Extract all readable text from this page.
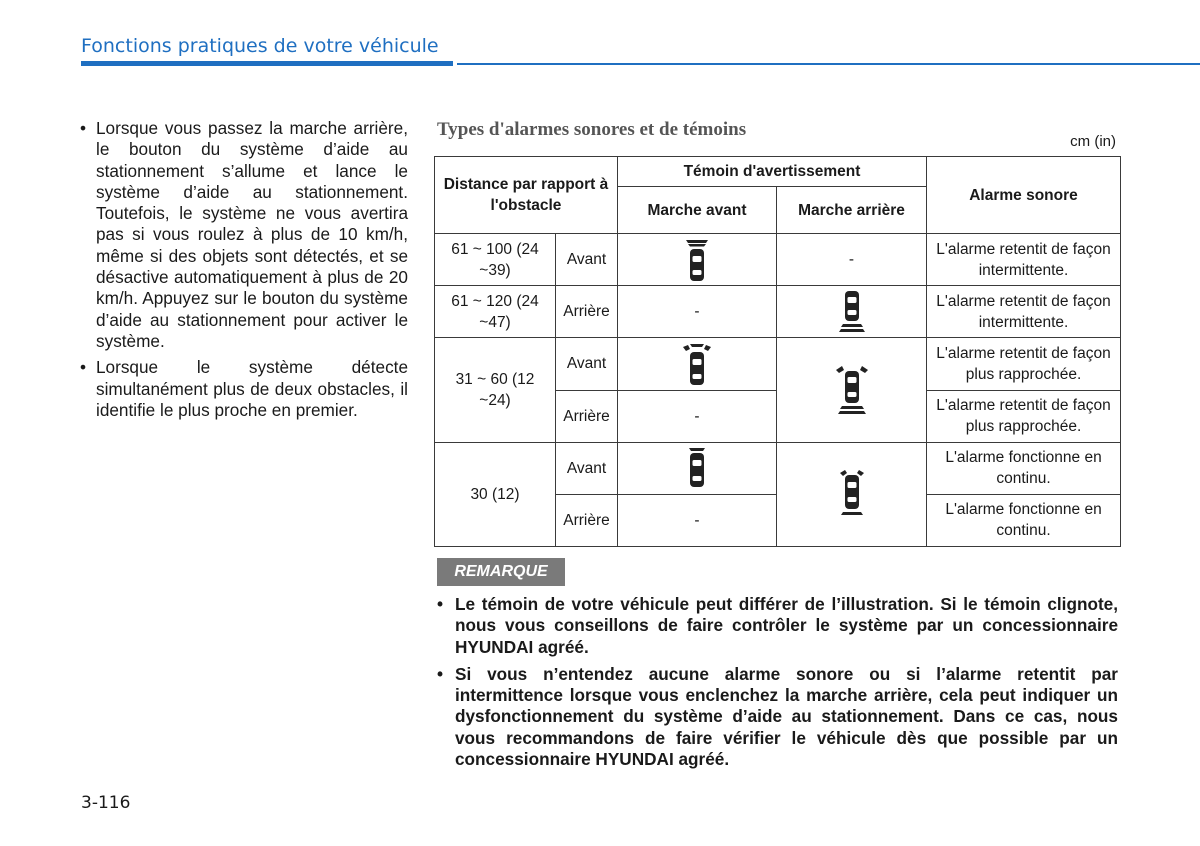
Fonctions pratiques de votre véhicule
• Lorsque vous passez la marche arrière, le bouton du système d’aide au stationnement s’allume et lance le système d’aide au stationnement. Toutefois, le système ne vous avertira pas si vous roulez à plus de 10 km/h, même si des objets sont détectés, et se désactive automatiquement à plus de 20 km/h. Appuyez sur le bouton du système d’aide au stationnement pour activer le système.
• Lorsque le système détecte simultanément plus de deux obstacles, il identifie le plus proche en premier.
Types d'alarmes sonores et de témoins
cm (in)
Distance par rapport à l'obstacle		Témoin d'avertissement		Alarme sonore
		Marche avant	Marche arrière	
61 ~ 100 (24 ~39)	Avant		-	L'alarme retentit de façon intermittente.
61 ~ 120 (24 ~47)	Arrière	-		L'alarme retentit de façon intermittente.
31 ~ 60 (12 ~24)	Avant			L'alarme retentit de façon plus rapprochée.
	Arrière	-		L'alarme retentit de façon plus rapprochée.
30 (12)	Avant			L'alarme fonctionne en continu.
	Arrière	-		L'alarme fonctionne en continu.
REMARQUE
• Le témoin de votre véhicule peut différer de l’illustration. Si le témoin clignote, nous vous conseillons de faire contrôler le système par un concessionnaire HYUNDAI agréé.
• Si vous n’entendez aucune alarme sonore ou si l’alarme retentit par intermittence lorsque vous enclenchez la marche arrière, cela peut indiquer un dysfonctionnement du système d’aide au stationnement. Dans ce cas, nous vous recommandons de faire vérifier le véhicule dès que possible par un concessionnaire HYUNDAI agréé.
3-116
